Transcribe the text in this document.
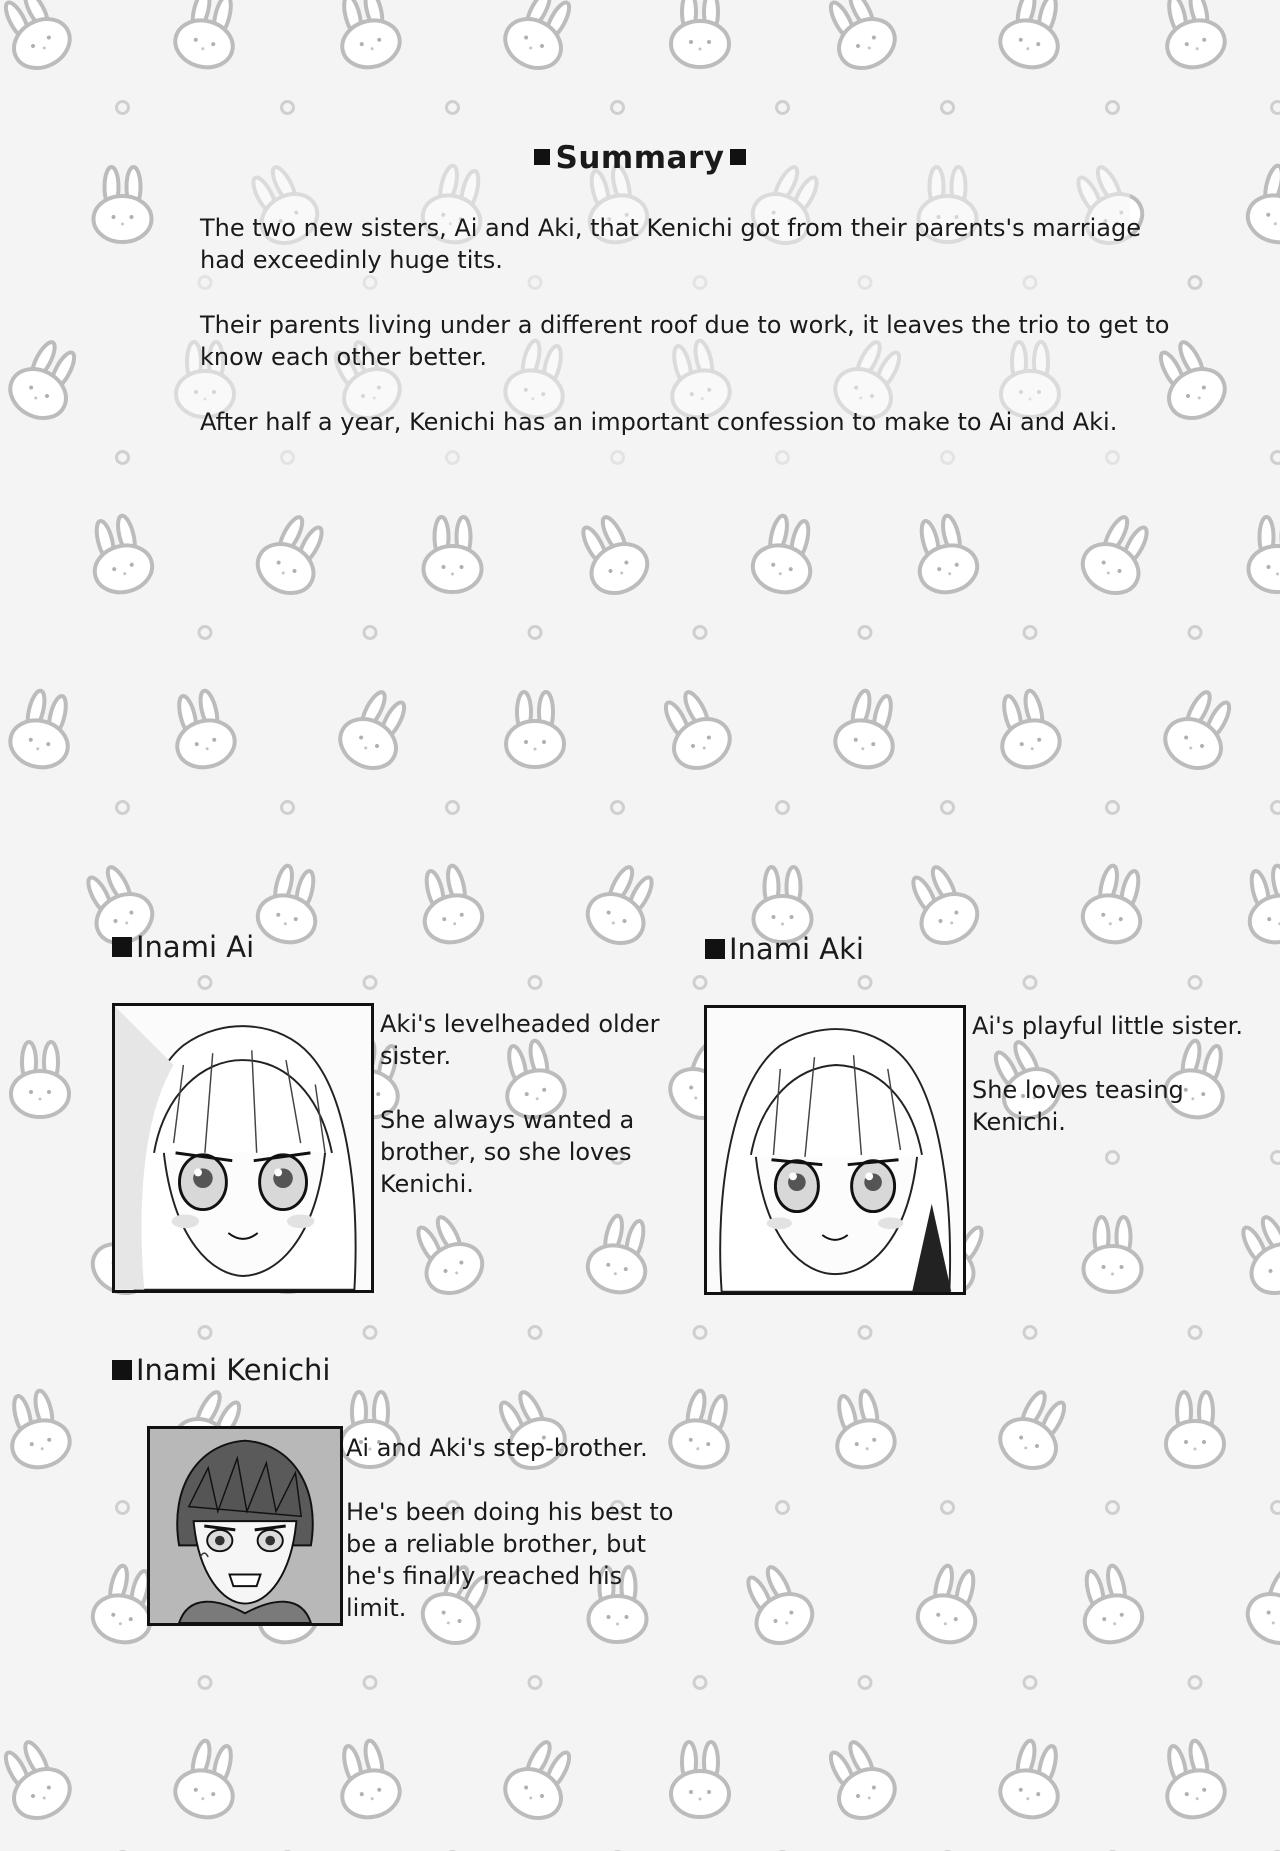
Summary

The two new sisters, Ai and Aki, that Kenichi got from their parents's marriage had exceedinly huge tits.

Their parents living under a different roof due to work, it leaves the trio to get to know each other better.

After half a year, Kenichi has an important confession to make to Ai and Aki.

Inami Ai

Aki's levelheaded older sister.

She always wanted a brother, so she loves Kenichi.

Inami Aki

Ai's playful little sister.

She loves teasing Kenichi.

Inami Kenichi

Ai and Aki's step-brother.

He's been doing his best to be a reliable brother, but he's finally reached his limit.
